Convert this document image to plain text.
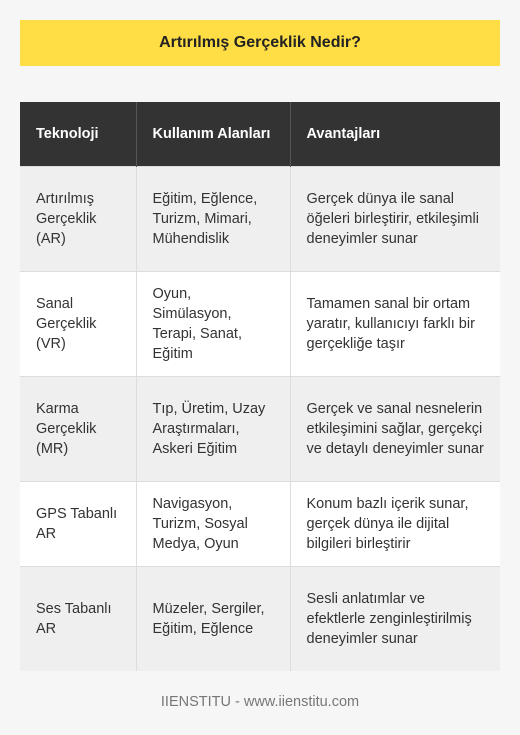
Artırılmış Gerçeklik Nedir?
Teknoloji	Kullanım Alanları	Avantajları
Artırılmış Gerçeklik (AR)	Eğitim, Eğlence, Turizm, Mimari, Mühendislik	Gerçek dünya ile sanal öğeleri birleştirir, etkileşimli deneyimler sunar
Sanal Gerçeklik (VR)	Oyun, Simülasyon, Terapi, Sanat, Eğitim	Tamamen sanal bir ortam yaratır, kullanıcıyı farklı bir gerçekliğe taşır
Karma Gerçeklik (MR)	Tıp, Üretim, Uzay Araştırmaları, Askeri Eğitim	Gerçek ve sanal nesnelerin etkileşimini sağlar, gerçekçi ve detaylı deneyimler sunar
GPS Tabanlı AR	Navigasyon, Turizm, Sosyal Medya, Oyun	Konum bazlı içerik sunar, gerçek dünya ile dijital bilgileri birleştirir
Ses Tabanlı AR	Müzeler, Sergiler, Eğitim, Eğlence	Sesli anlatımlar ve efektlerle zenginleştirilmiş deneyimler sunar
IIENSTITU - www.iienstitu.com
